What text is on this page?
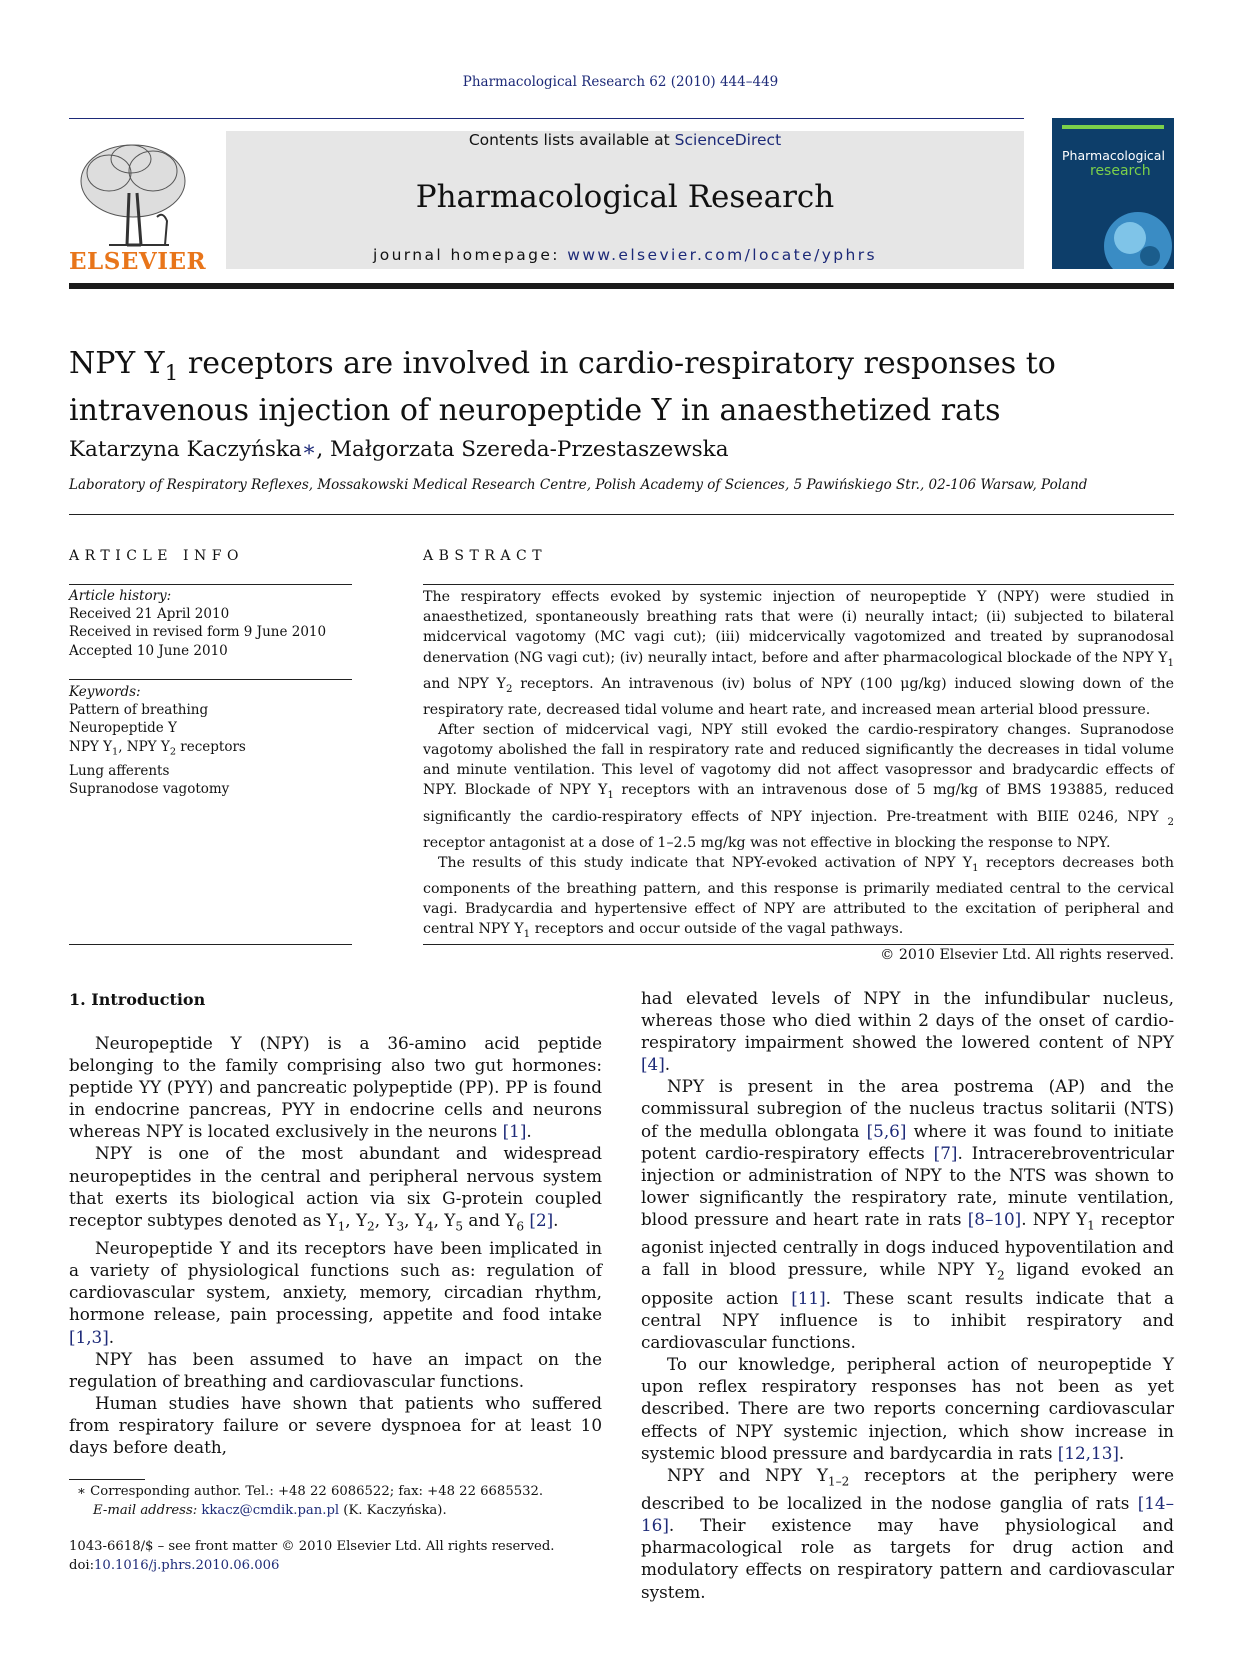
Pharmacological Research 62 (2010) 444–449
ELSEVIER
Contents lists available at ScienceDirect
Pharmacological Research
journal homepage: www.elsevier.com/locate/yphrs
Pharmacological
research
NPY $Y_1$ receptors are involved in cardio-respiratory responses to intravenous injection of neuropeptide Y in anaesthetized rats
Katarzyna Kaczyńska∗, Małgorzata Szereda-Przestaszewska
Laboratory of Respiratory Reflexes, Mossakowski Medical Research Centre, Polish Academy of Sciences, 5 Pawińskiego Str., 02-106 Warsaw, Poland
ARTICLE INFO
Article history:
Received 21 April 2010
Received in revised form 9 June 2010
Accepted 10 June 2010
Keywords:
Pattern of breathing
Neuropeptide Y
NPY $Y_1$, NPY $Y_2$ receptors
Lung afferents
Supranodose vagotomy
ABSTRACT

The respiratory effects evoked by systemic injection of neuropeptide Y (NPY) were studied in anaesthetized, spontaneously breathing rats that were (i) neurally intact; (ii) subjected to bilateral midcervical vagotomy (MC vagi cut); (iii) midcervically vagotomized and treated by supranodosal denervation (NG vagi cut); (iv) neurally intact, before and after pharmacological blockade of the NPY $Y_1$ and NPY $Y_2$ receptors. An intravenous (iv) bolus of NPY (100 μg/kg) induced slowing down of the respiratory rate, decreased tidal volume and heart rate, and increased mean arterial blood pressure.

After section of midcervical vagi, NPY still evoked the cardio-respiratory changes. Supranodose vagotomy abolished the fall in respiratory rate and reduced significantly the decreases in tidal volume and minute ventilation. This level of vagotomy did not affect vasopressor and bradycardic effects of NPY. Blockade of NPY $Y_1$ receptors with an intravenous dose of 5 mg/kg of BMS 193885, reduced significantly the cardio-respiratory effects of NPY injection. Pre-treatment with BIIE 0246, NPY $_2$ receptor antagonist at a dose of 1–2.5 mg/kg was not effective in blocking the response to NPY.

The results of this study indicate that NPY-evoked activation of NPY $Y_1$ receptors decreases both components of the breathing pattern, and this response is primarily mediated central to the cervical vagi. Bradycardia and hypertensive effect of NPY are attributed to the excitation of peripheral and central NPY $Y_1$ receptors and occur outside of the vagal pathways.

© 2010 Elsevier Ltd. All rights reserved.

1. Introduction

Neuropeptide Y (NPY) is a 36-amino acid peptide belonging to the family comprising also two gut hormones: peptide YY (PYY) and pancreatic polypeptide (PP). PP is found in endocrine pancreas, PYY in endocrine cells and neurons whereas NPY is located exclusively in the neurons [1].

NPY is one of the most abundant and widespread neuropeptides in the central and peripheral nervous system that exerts its biological action via six G-protein coupled receptor subtypes denoted as $Y_1$, $Y_2$, $Y_3$, $Y_4$, $Y_5$ and $Y_6$ [2].

Neuropeptide Y and its receptors have been implicated in a variety of physiological functions such as: regulation of cardiovascular system, anxiety, memory, circadian rhythm, hormone release, pain processing, appetite and food intake [1,3].

NPY has been assumed to have an impact on the regulation of breathing and cardiovascular functions.

Human studies have shown that patients who suffered from respiratory failure or severe dyspnoea for at least 10 days before death,

had elevated levels of NPY in the infundibular nucleus, whereas those who died within 2 days of the onset of cardio-respiratory impairment showed the lowered content of NPY [4].

NPY is present in the area postrema (AP) and the commissural subregion of the nucleus tractus solitarii (NTS) of the medulla oblongata [5,6] where it was found to initiate potent cardio-respiratory effects [7]. Intracerebroventricular injection or administration of NPY to the NTS was shown to lower significantly the respiratory rate, minute ventilation, blood pressure and heart rate in rats [8–10]. NPY $Y_1$ receptor agonist injected centrally in dogs induced hypoventilation and a fall in blood pressure, while NPY $Y_2$ ligand evoked an opposite action [11]. These scant results indicate that a central NPY influence is to inhibit respiratory and cardiovascular functions.

To our knowledge, peripheral action of neuropeptide Y upon reflex respiratory responses has not been as yet described. There are two reports concerning cardiovascular effects of NPY systemic injection, which show increase in systemic blood pressure and bardycardia in rats [12,13].

NPY and NPY $Y_{1-2}$ receptors at the periphery were described to be localized in the nodose ganglia of rats [14–16]. Their existence may have physiological and pharmacological role as targets for drug action and modulatory effects on respiratory pattern and cardiovascular system.

∗ Corresponding author. Tel.: +48 22 6086522; fax: +48 22 6685532.
E-mail address: kkacz@cmdik.pan.pl (K. Kaczyńska).
1043-6618/$ – see front matter © 2010 Elsevier Ltd. All rights reserved.
doi:10.1016/j.phrs.2010.06.006
